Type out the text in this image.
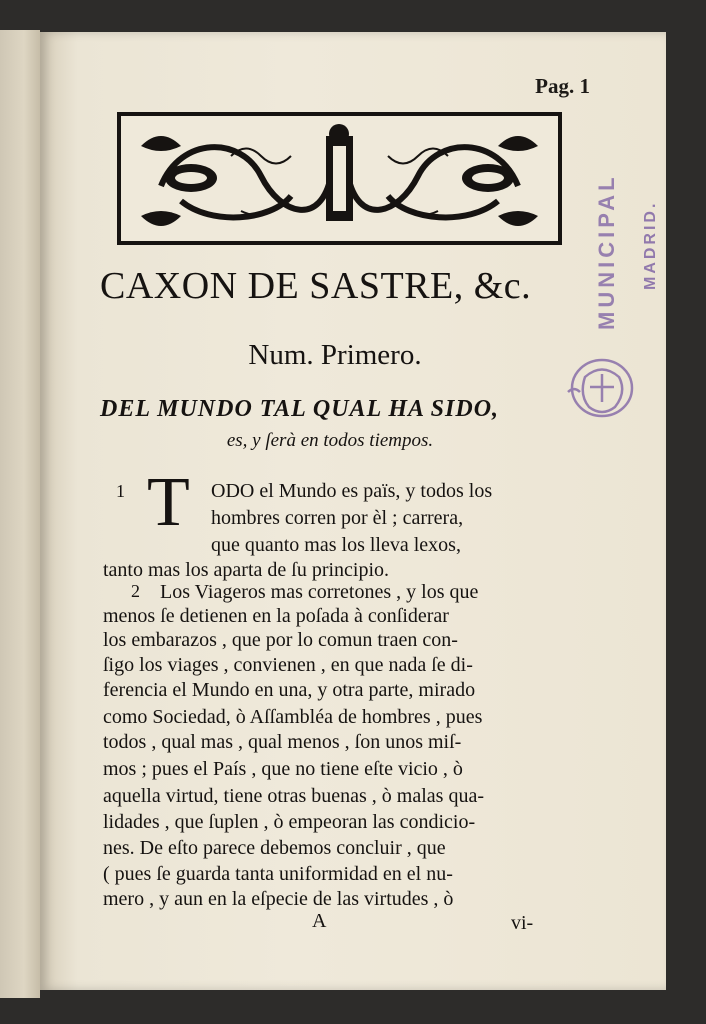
Pag. 1
CAXON DE SASTRE, &c.
Num. Primero.
DEL MUNDO TAL QUAL HA SIDO,
es, y ſerà en todos tiempos.
1 T ODO el Mundo es païs, y todos los
hombres corren por èl ; carrera,
que quanto mas los lleva lexos,
tanto mas los aparta de ſu principio.
2 Los Viageros mas corretones , y los que
menos ſe detienen en la poſada à conſiderar
los embarazos , que por lo comun traen con-
ſigo los viages , convienen , en que nada ſe di-
ferencia el Mundo en una, y otra parte, mirado
como Sociedad, ò Aſſambléa de hombres , pues
todos , qual mas , qual menos , ſon unos miſ-
mos ; pues el País , que no tiene eſte vicio , ò
aquella virtud, tiene otras buenas , ò malas qua-
lidades , que ſuplen , ò empeoran las condicio-
nes. De eſto parece debemos concluir , que
( pues ſe guarda tanta uniformidad en el nu-
mero , y aun en la eſpecie de las virtudes , ò
A	vi-
MUNICIPAL MADRID.
